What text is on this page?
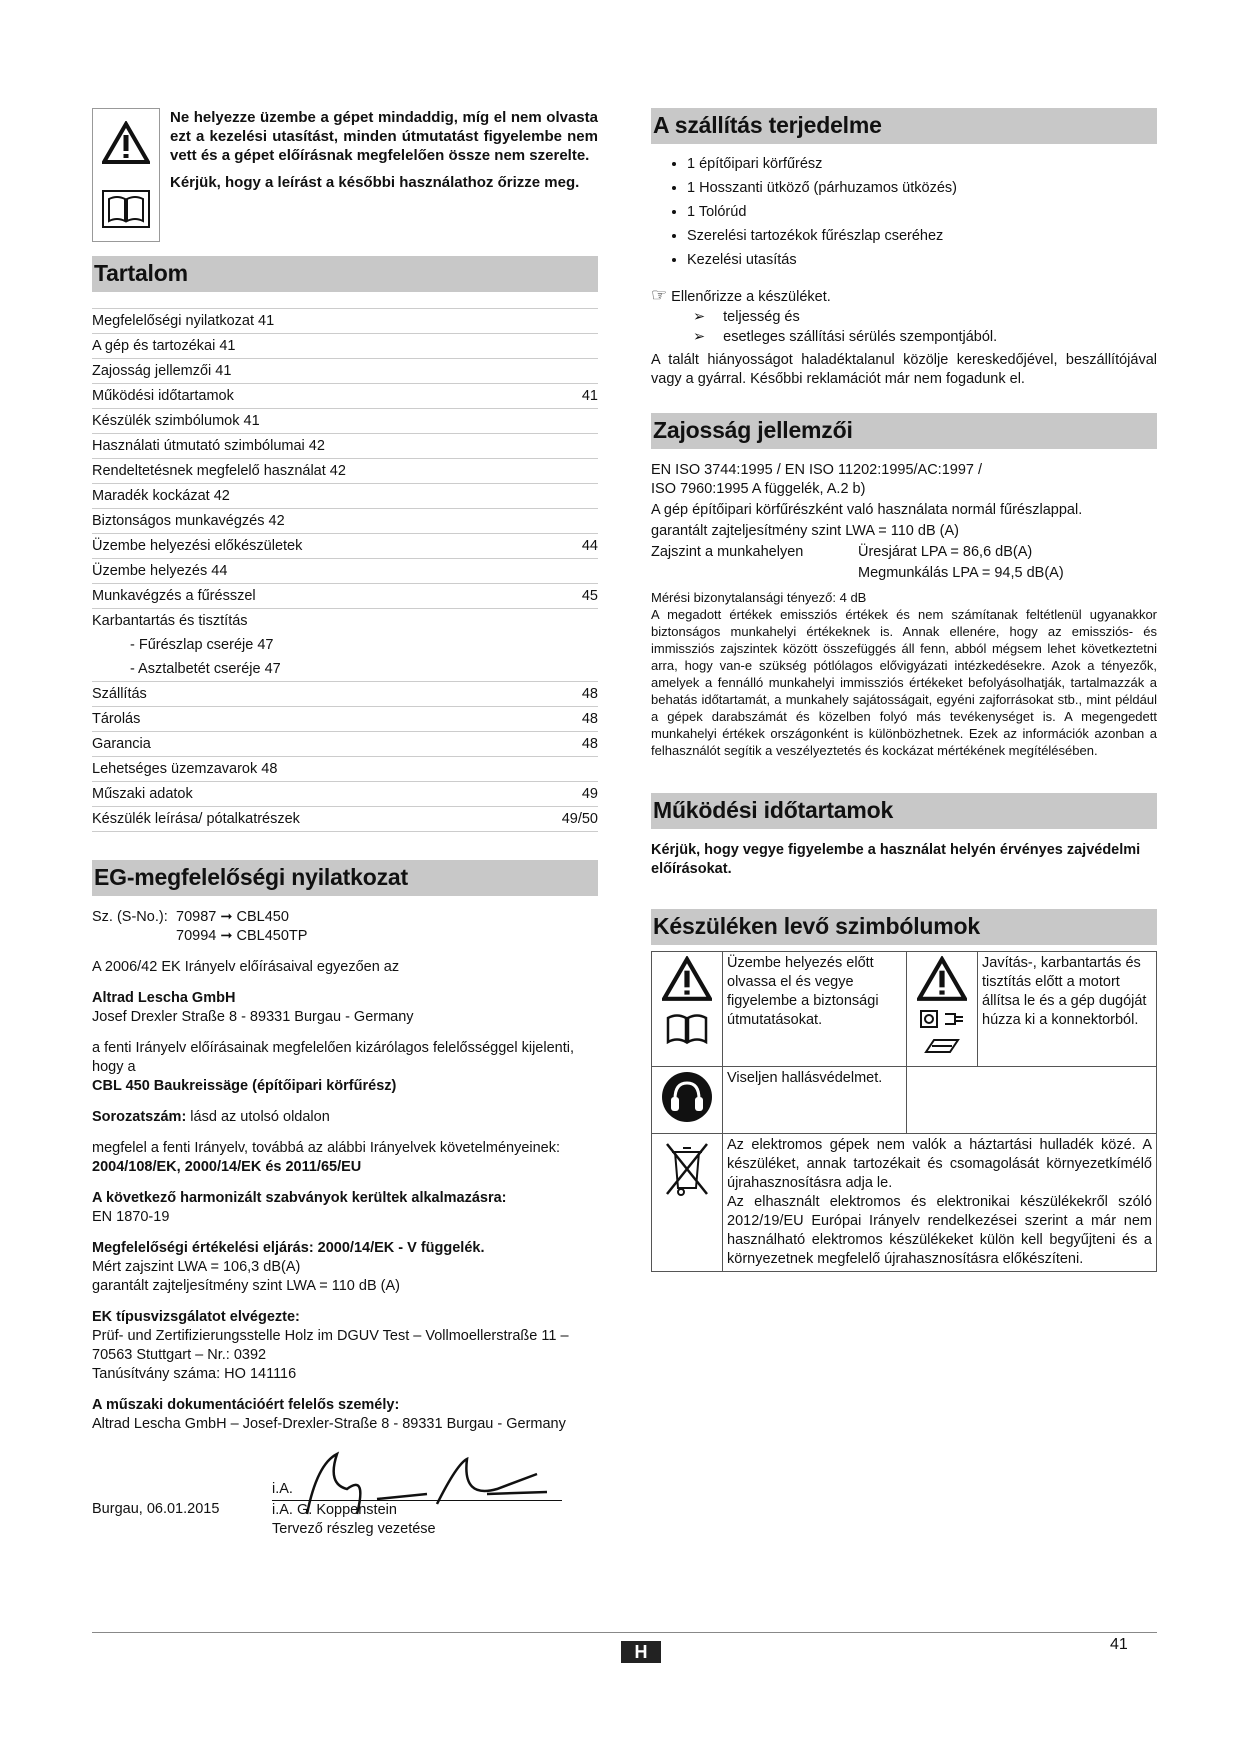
Ne helyezze üzembe a gépet mindaddig, míg el nem olvasta ezt a kezelési utasítást, minden útmutatást figyelembe nem vett és a gépet előírásnak megfelelően össze nem szerelte.

Kérjük, hogy a leírást a későbbi használathoz őrizze meg.

Tartalom
Megfelelőségi nyilatkozat 41	
A gép és tartozékai 41	
Zajosság jellemzői 41	
Működési időtartamok	41
Készülék szimbólumok 41	
Használati útmutató szimbólumai 42	
Rendeltetésnek megfelelő használat 42	
Maradék kockázat 42	
Biztonságos munkavégzés 42	
Üzembe helyezési előkészületek	44
Üzembe helyezés 44	
Munkavégzés a fűrésszel	45
Karbantartás és tisztítás	
- Fűrészlap cseréje 47	
- Asztalbetét cseréje 47	
Szállítás	48
Tárolás	48
Garancia	48
Lehetséges üzemzavarok 48	
Műszaki adatok	49
Készülék leírása/ pótalkatrészek	49/50
EG-megfelelőségi nyilatkozat
Sz. (S-No.): 70987 ➞ CBL450
70994 ➞ CBL450TP

A 2006/42 EK Irányelv előírásaival egyezően az

Altrad Lescha GmbH

Josef Drexler Straße 8 - 89331 Burgau - Germany

a fenti Irányelv előírásainak megfelelően kizárólagos felelősséggel kijelenti, hogy a

CBL 450 Baukreissäge (építőipari körfűrész)

Sorozatszám: lásd az utolsó oldalon

megfelel a fenti Irányelv, továbbá az alábbi Irányelvek követelményeinek:

2004/108/EK, 2000/14/EK és 2011/65/EU

A következő harmonizált szabványok kerültek alkalmazásra:

EN 1870-19

Megfelelőségi értékelési eljárás: 2000/14/EK - V függelék.

Mért zajszint LWA = 106,3 dB(A)

garantált zajteljesítmény szint LWA = 110 dB (A)

EK típusvizsgálatot elvégezte:

Prüf- und Zertifizierungsstelle Holz im DGUV Test – Vollmoellerstraße 11 –

70563 Stuttgart – Nr.: 0392

Tanúsítvány száma: HO 141116

A műszaki dokumentációért felelős személy:

Altrad Lescha GmbH – Josef-Drexler-Straße 8 - 89331 Burgau - Germany

i.A.
Burgau, 06.01.2015	i.A. G. Koppenstein
Tervező részleg vezetése
A szállítás terjedelme
• 1 építőipari körfűrész
• 1 Hosszanti ütköző (párhuzamos ütközés)
• 1 Tolórúd
• Szerelési tartozékok fűrészlap cseréhez
• Kezelési utasítás

☞ Ellenőrizze a készüléket.

➢ teljesség és
➢ esetleges szállítási sérülés szempontjából.

A talált hiányosságot haladéktalanul közölje kereskedőjével, beszállítójával vagy a gyárral. Későbbi reklamációt már nem fogadunk el.

Zajosság jellemzői

EN ISO 3744:1995 / EN ISO 11202:1995/AC:1997 /

ISO 7960:1995 A függelék, A.2 b)

A gép építőipari körfűrészként való használata normál fűrészlappal.

garantált zajteljesítmény szint LWA = 110 dB (A)

Zajszint a munkahelyen	Üresjárat LPA = 86,6 dB(A)

Megmunkálás LPA = 94,5 dB(A)

Mérési bizonytalansági tényező: 4 dB

A megadott értékek emissziós értékek és nem számítanak feltétlenül ugyanakkor biztonságos munkahelyi értékeknek is. Annak ellenére, hogy az emissziós- és immissziós zajszintek között összefüggés áll fenn, abból mégsem lehet következtetni arra, hogy van-e szükség pótlólagos elővigyázati intézkedésekre. Azok a tényezők, amelyek a fennálló munkahelyi immissziós értékeket befolyásolhatják, tartalmazzák a behatás időtartamát, a munkahely sajátosságait, egyéni zajforrásokat stb., mint például a gépek darabszámát és közelben folyó más tevékenységet is. A megengedett munkahelyi értékek országonként is különbözhetnek. Ezek az információk azonban a felhasználót segítik a veszélyeztetés és kockázat mértékének megítélésében.

Működési időtartamok

Kérjük, hogy vegye figyelembe a használat helyén érvényes zajvédelmi előírásokat.

Készüléken levő szimbólumok
	Üzembe helyezés előtt olvassa el és vegye figyelembe a biztonsági útmutatásokat.		Javítás-, karbantartás és tisztítás előtt a motort állítsa le és a gép dugóját húzza ki a konnektorból.
	Viseljen hallásvédelmet.		

Az elektromos gépek nem valók a háztartási hulladék közé. A készüléket, annak tartozékait és csomagolását környezetkímélő újrahasznosításra adja le.
Az elhasznált elektromos és elektronikai készülékekről szóló 2012/19/EU Európai Irányelv rendelkezései szerint a már nem használható elektromos készülékeket külön kell begyűjteni és a környezetnek megfelelő újrahasznosításra előkészíteni.		
H	41
